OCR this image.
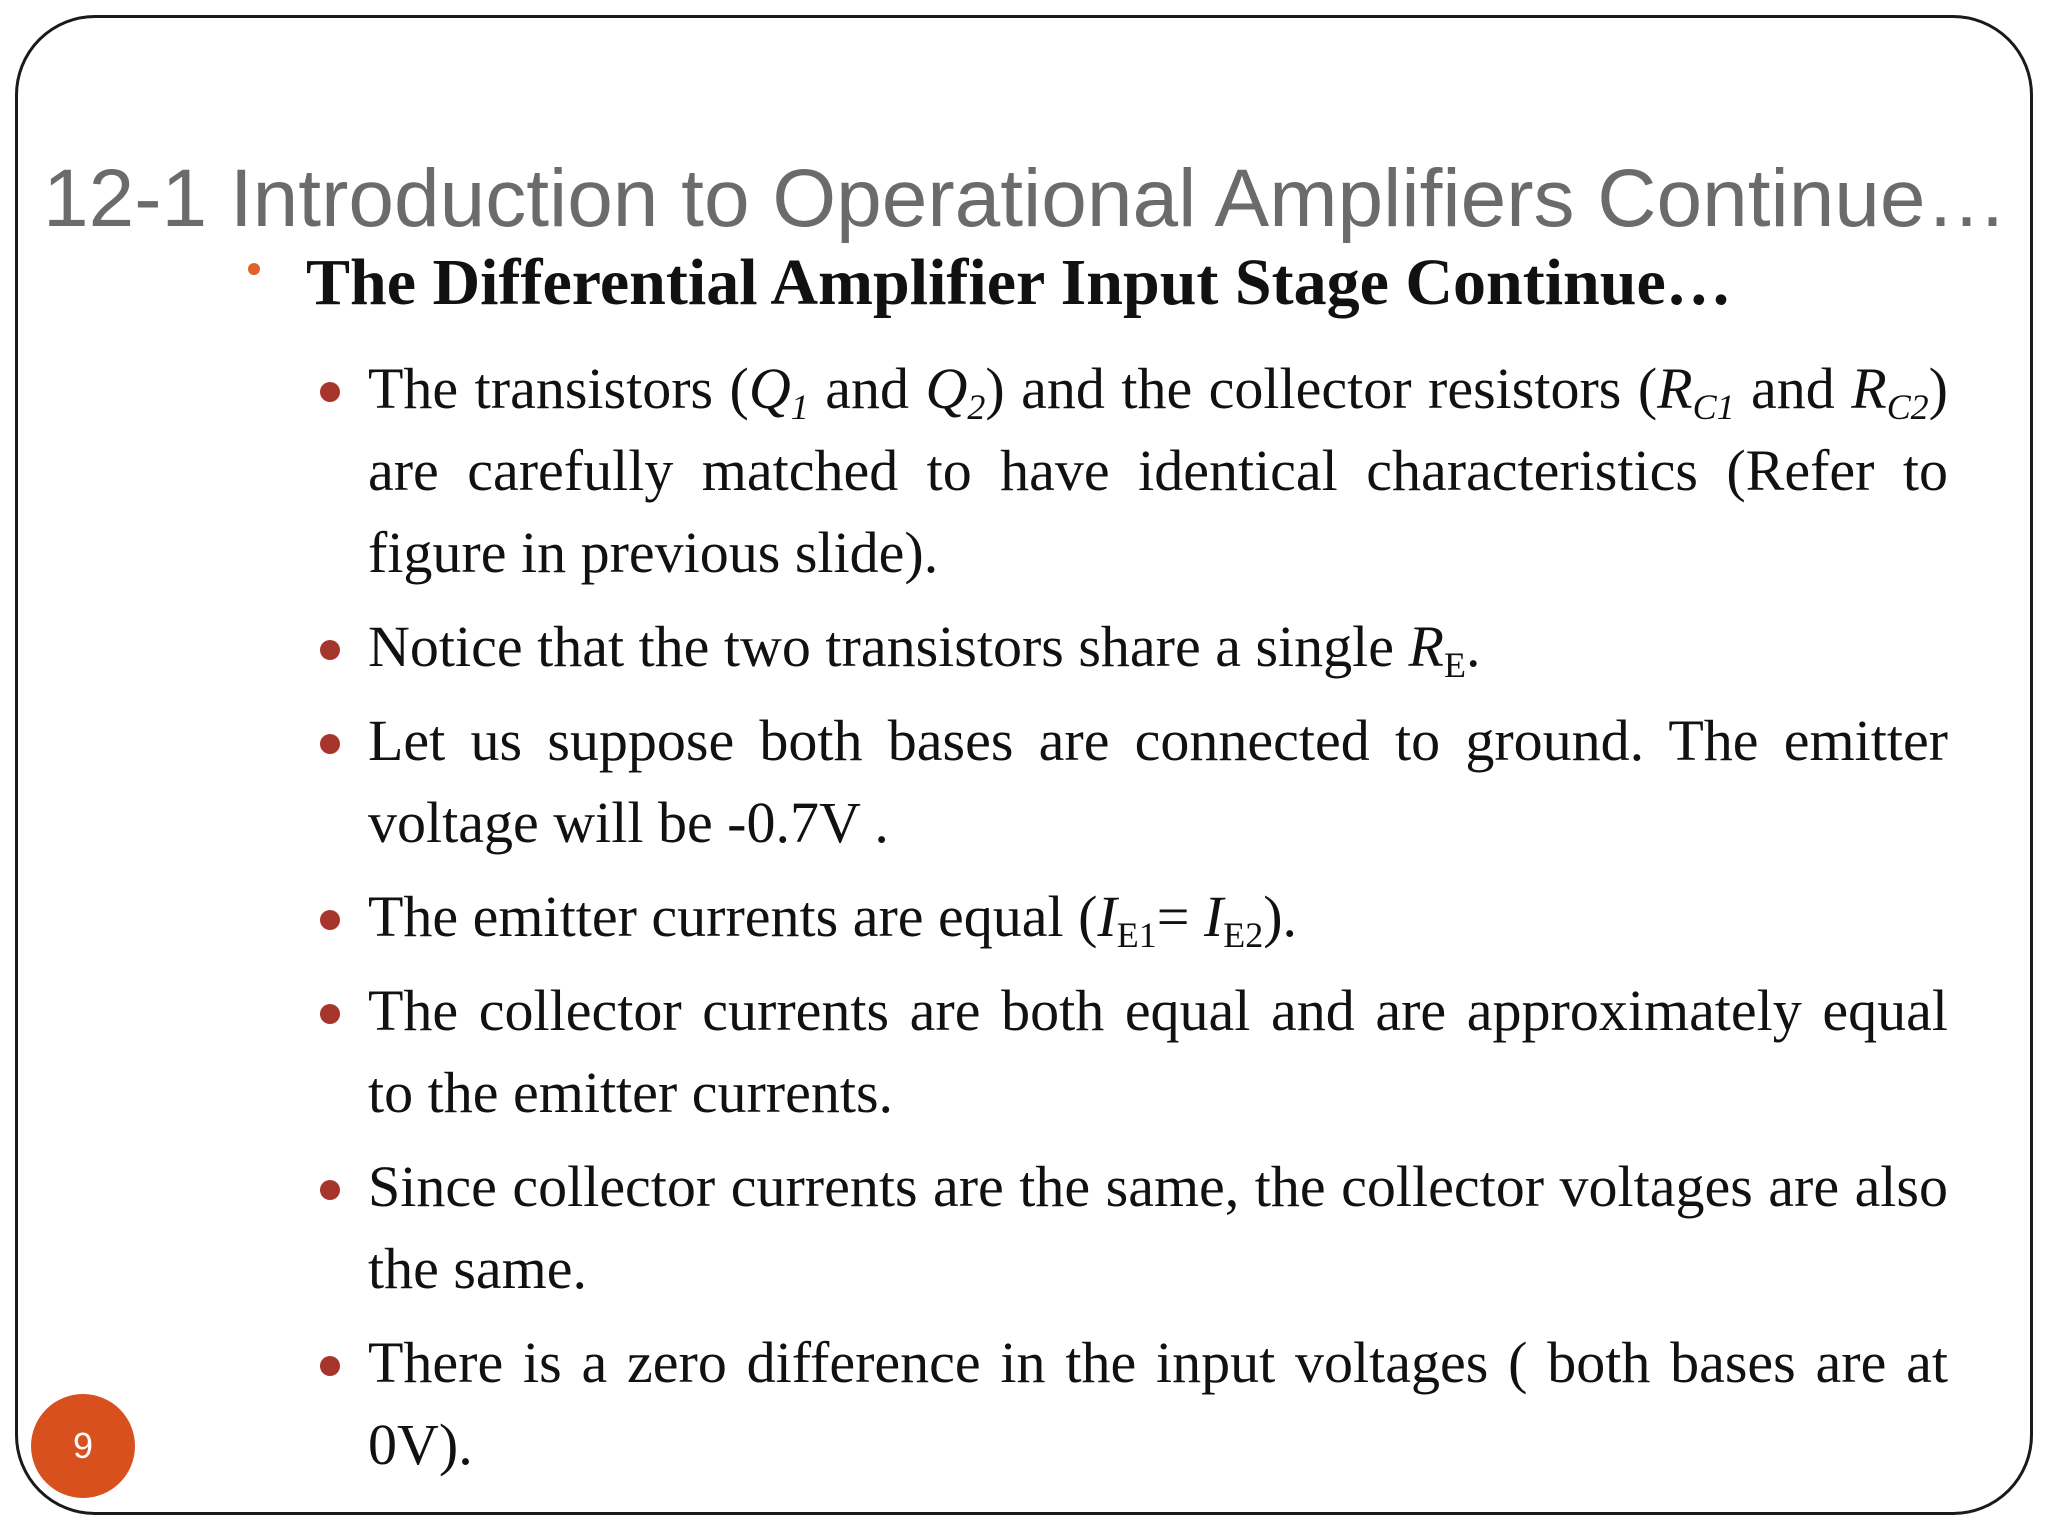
12-1 Introduction to Operational Amplifiers Continue…
The Differential Amplifier Input Stage Continue…
The transistors ($Q_1$ and $Q_2$) and the collector resistors ($R_{C1}$ and $R_{C2}$) are carefully matched to have identical characteristics (Refer to figure in previous slide).
Notice that the two transistors share a single $R_E$.
Let us suppose both bases are connected to ground. The emitter voltage will be -0.7V .
The emitter currents are equal $(I_{E1}= I_{E2})$.
The collector currents are both equal and are approximately equal to the emitter currents.
Since collector currents are the same, the collector voltages are also the same.
There is a zero difference in the input voltages ( both bases are at 0V).
9
